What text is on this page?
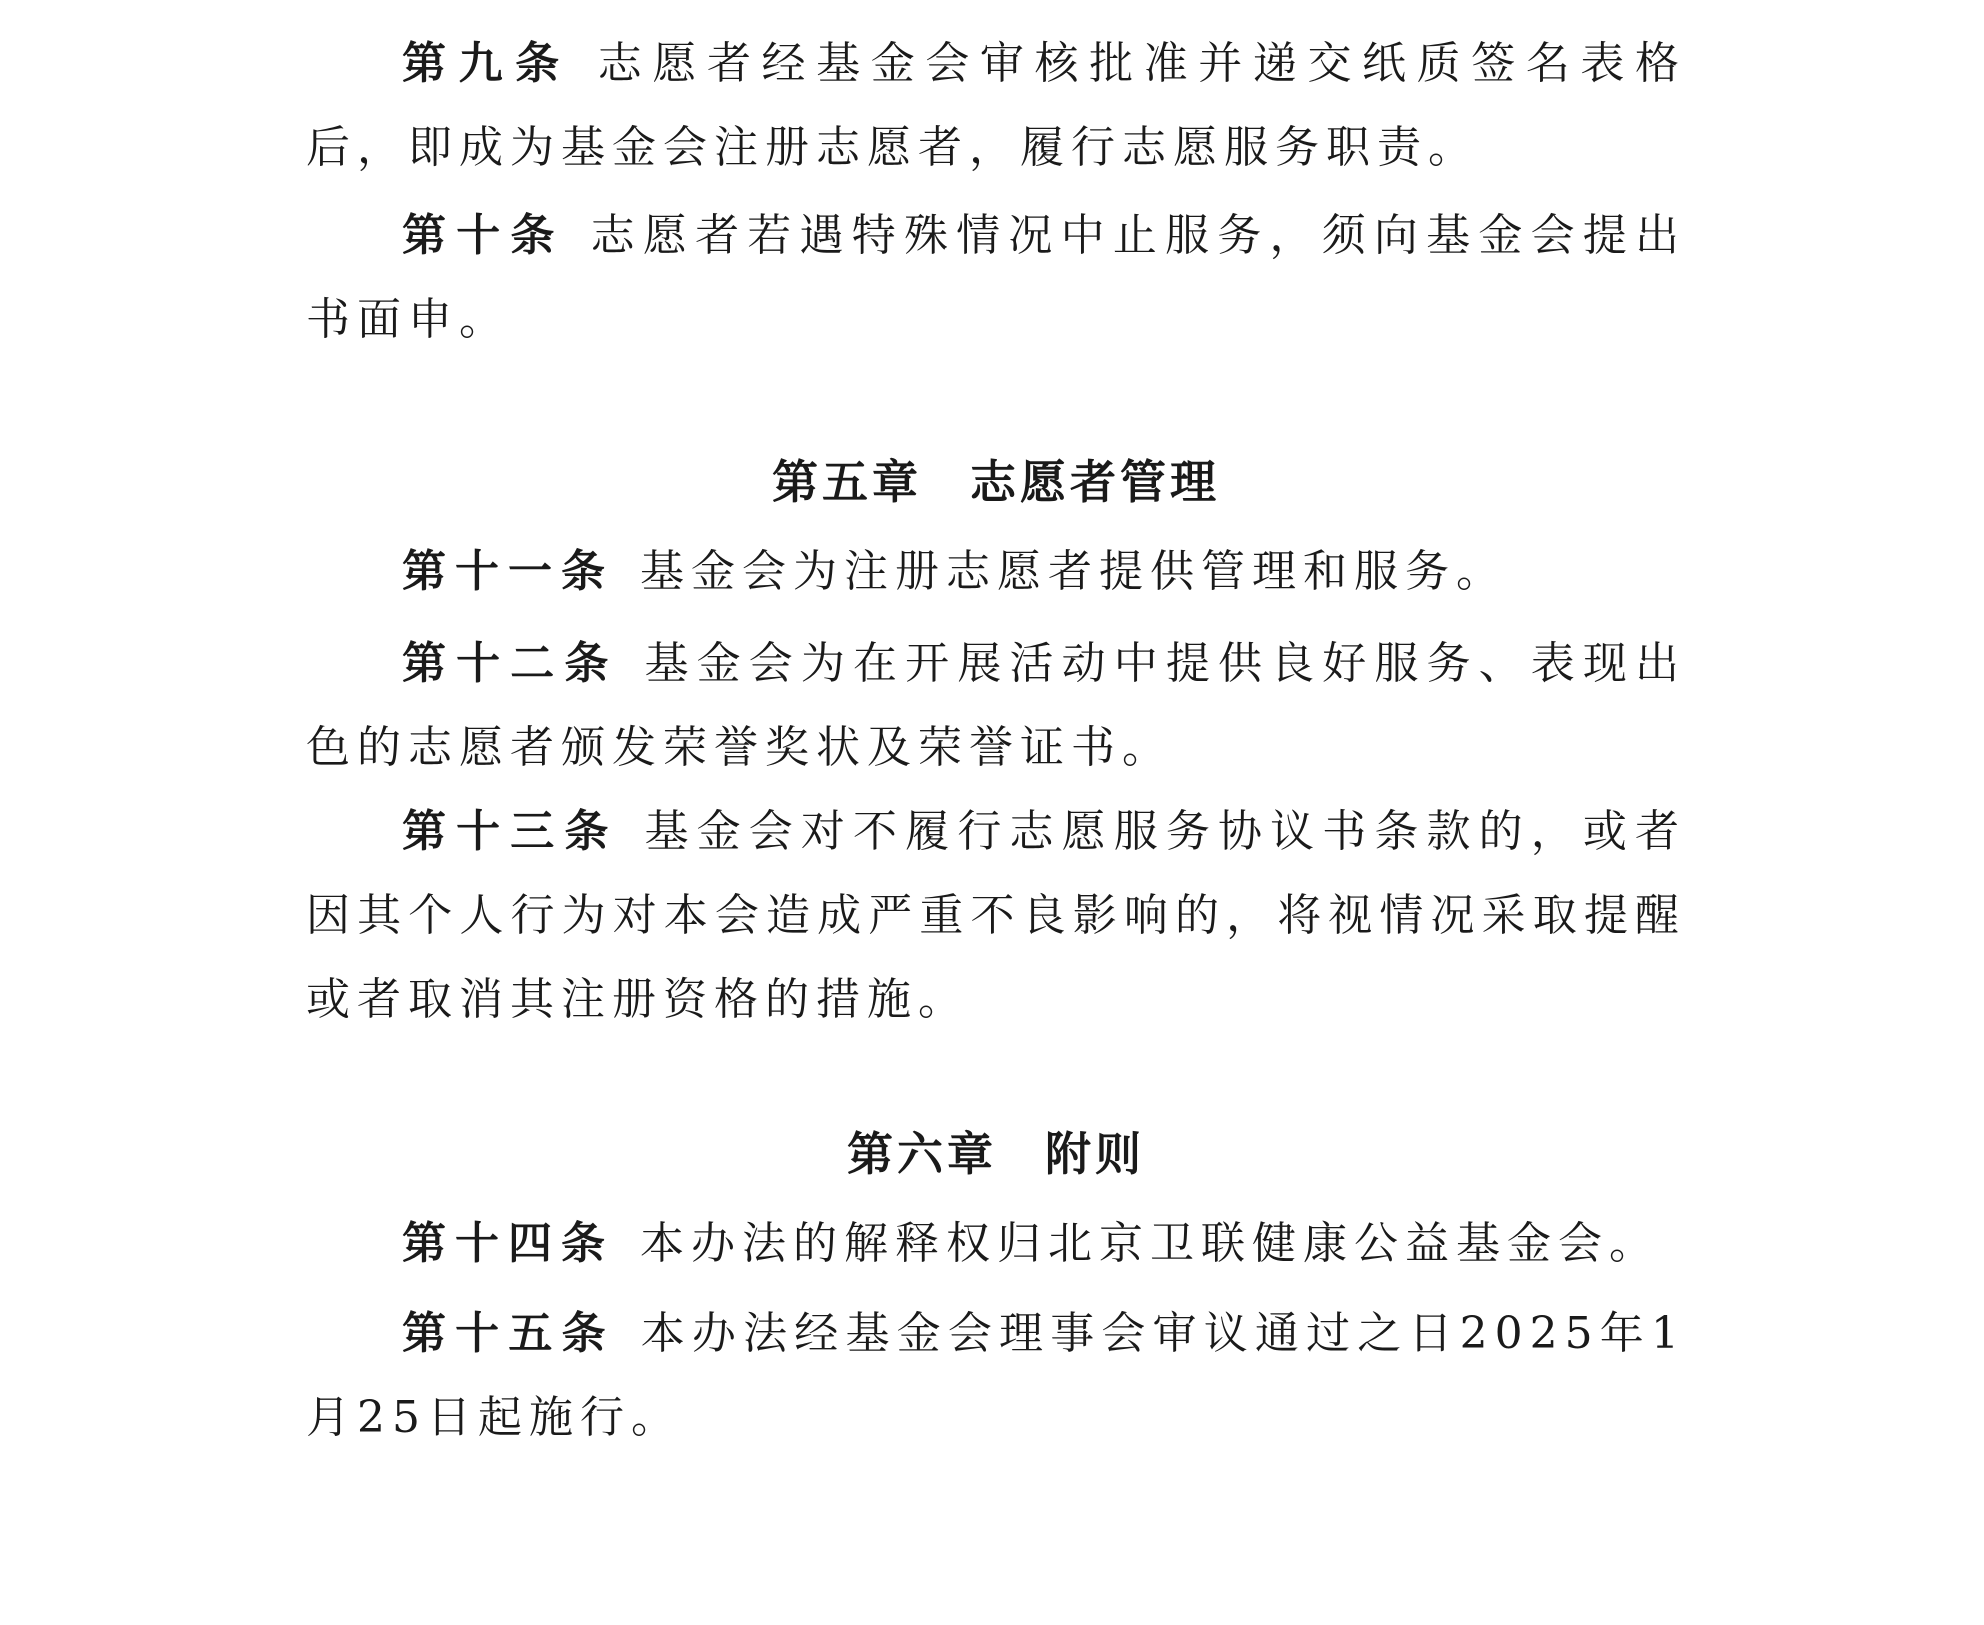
第九条 志愿者经基金会审核批准并递交纸质签名表格后，即成为基金会注册志愿者，履行志愿服务职责。

第十条 志愿者若遇特殊情况中止服务，须向基金会提出书面申。

第五章 志愿者管理

第十一条 基金会为注册志愿者提供管理和服务。

第十二条 基金会为在开展活动中提供良好服务、表现出色的志愿者颁发荣誉奖状及荣誉证书。

第十三条 基金会对不履行志愿服务协议书条款的，或者因其个人行为对本会造成严重不良影响的，将视情况采取提醒或者取消其注册资格的措施。

第六章 附则

第十四条 本办法的解释权归北京卫联健康公益基金会。

第十五条 本办法经基金会理事会审议通过之日2025年1月25日起施行。
